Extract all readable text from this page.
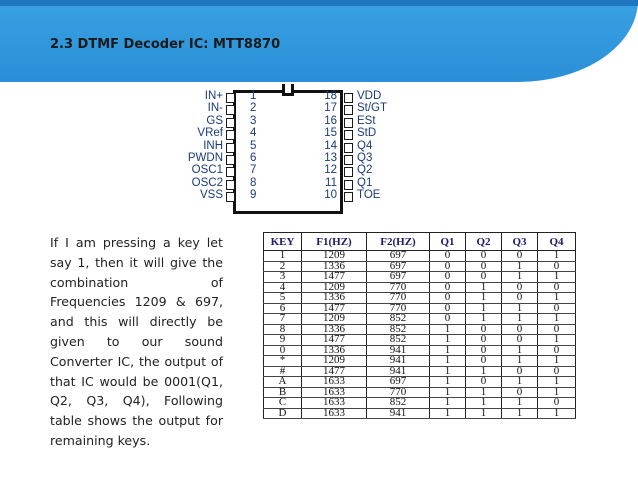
2.3 DTMF Decoder IC: MTT8870
IN+ 1
IN- 2
GS 3
VRef 4
INH 5
PWDN 6
OSC1 7
OSC2 8
VSS 9
18 VDD
17 St/GT
16 ESt
15 StD
14 Q4
13 Q3
12 Q2
11 Q1
10 TOE
If I am pressing a key let say 1, then it will give the combination of Frequencies 1209 & 697, and this will directly be given to our sound Converter IC, the output of that IC would be 0001(Q1, Q2, Q3, Q4), Following table shows the output for remaining keys.
KEY	F1(HZ)	F2(HZ)	Q1	Q2	Q3	Q4
1	1209	697	0	0	0	1
2	1336	697	0	0	1	0
3	1477	697	0	0	1	1
4	1209	770	0	1	0	0
5	1336	770	0	1	0	1
6	1477	770	0	1	1	0
7	1209	852	0	1	1	1
8	1336	852	1	0	0	0
9	1477	852	1	0	0	1
0	1336	941	1	0	1	0
*	1209	941	1	0	1	1
#	1477	941	1	1	0	0
A	1633	697	1	0	1	1
B	1633	770	1	1	0	1
C	1633	852	1	1	1	0
D	1633	941	1	1	1	1
